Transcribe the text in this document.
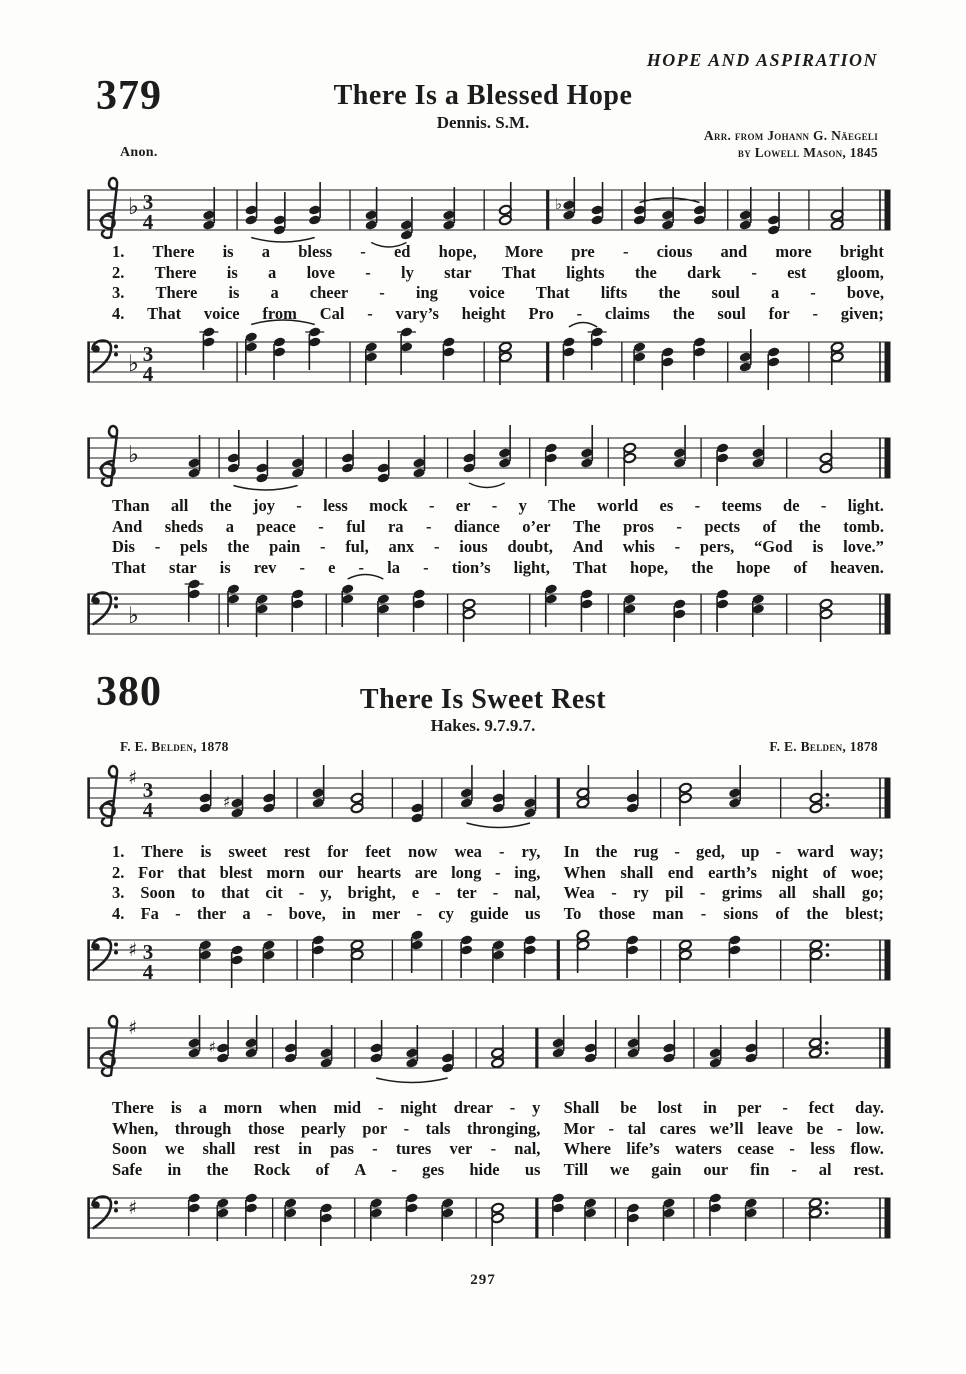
HOPE AND ASPIRATION
379	There Is a Blessed Hope
Dennis. S.M.
Anon.
Arr. from Johann G. Näegeli
by Lowell Mason, 1845
♭ 3
4
♭
1. There is a bless - ed hope, More pre - cious and more bright
2. There is a love - ly star That lights the dark - est gloom,
3. There is a cheer - ing voice That lifts the soul a - bove,
4. That voice from Cal - vary’s height Pro - claims the soul for - given;
♭ 3
4
♭
Than all the joy - less mock - er - y The world es - teems de - light.
And sheds a peace - ful ra - diance o’er The pros - pects of the tomb.
Dis - pels the pain - ful, anx - ious doubt, And whis - pers, “God is love.”
That star is rev - e - la - tion’s light, That hope, the hope of heaven.
♭
380	There Is Sweet Rest
Hakes. 9.7.9.7.
F. E. Belden, 1878	F. E. Belden, 1878
♯ 3
4	♯
1. There is sweet rest for feet now wea - ry, In the rug - ged, up - ward way;
2. For that blest morn our hearts are long - ing, When shall end earth’s night of woe;
3. Soon to that cit - y, bright, e - ter - nal, Wea - ry pil - grims all shall go;
4. Fa - ther a - bove, in mer - cy guide us To those man - sions of the blest;
♯ 3
4
♯
♯
There is a morn when mid - night drear - y Shall be lost in per - fect day.
When, through those pearly por - tals thronging, Mor - tal cares we’ll leave be - low.
Soon we shall rest in pas - tures ver - nal, Where life’s waters cease - less flow.
Safe in the Rock of A - ges hide us Till we gain our fin - al rest.
♯
297
